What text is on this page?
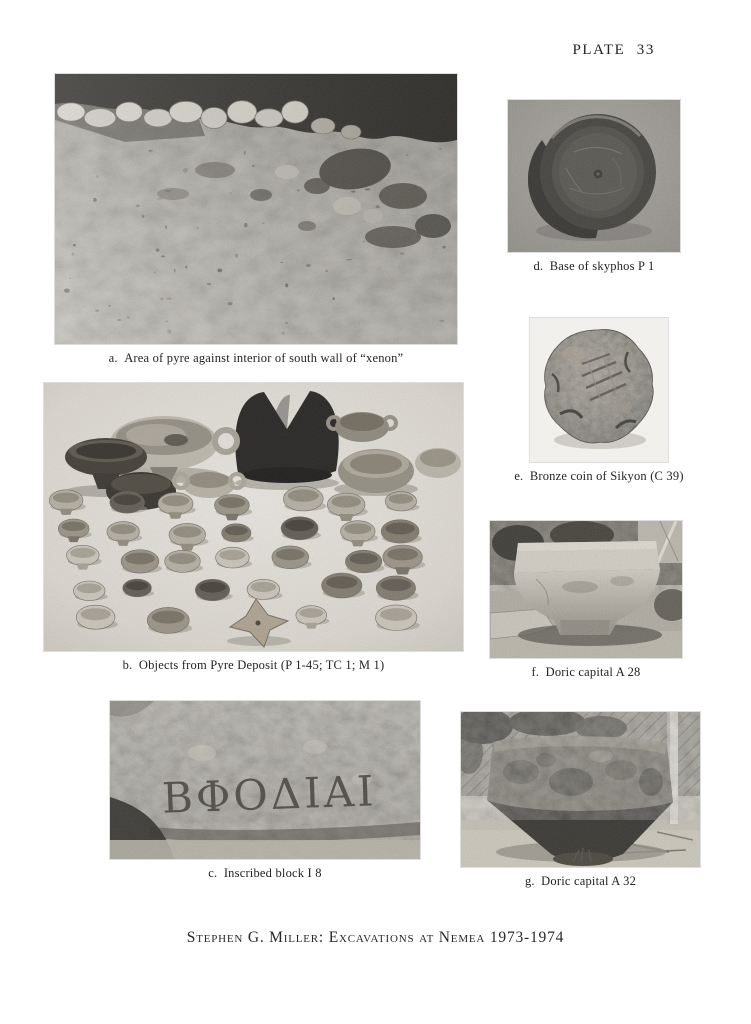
PLATE 33
a. Area of pyre against interior of south wall of “xenon”
b. Objects from Pyre Deposit (P 1-45; TC 1; M 1)
c. Inscribed block I 8
d. Base of skyphos P 1
e. Bronze coin of Sikyon (C 39)
f. Doric capital A 28
g. Doric capital A 32
Stephen G. Miller: Excavations at Nemea 1973-1974
